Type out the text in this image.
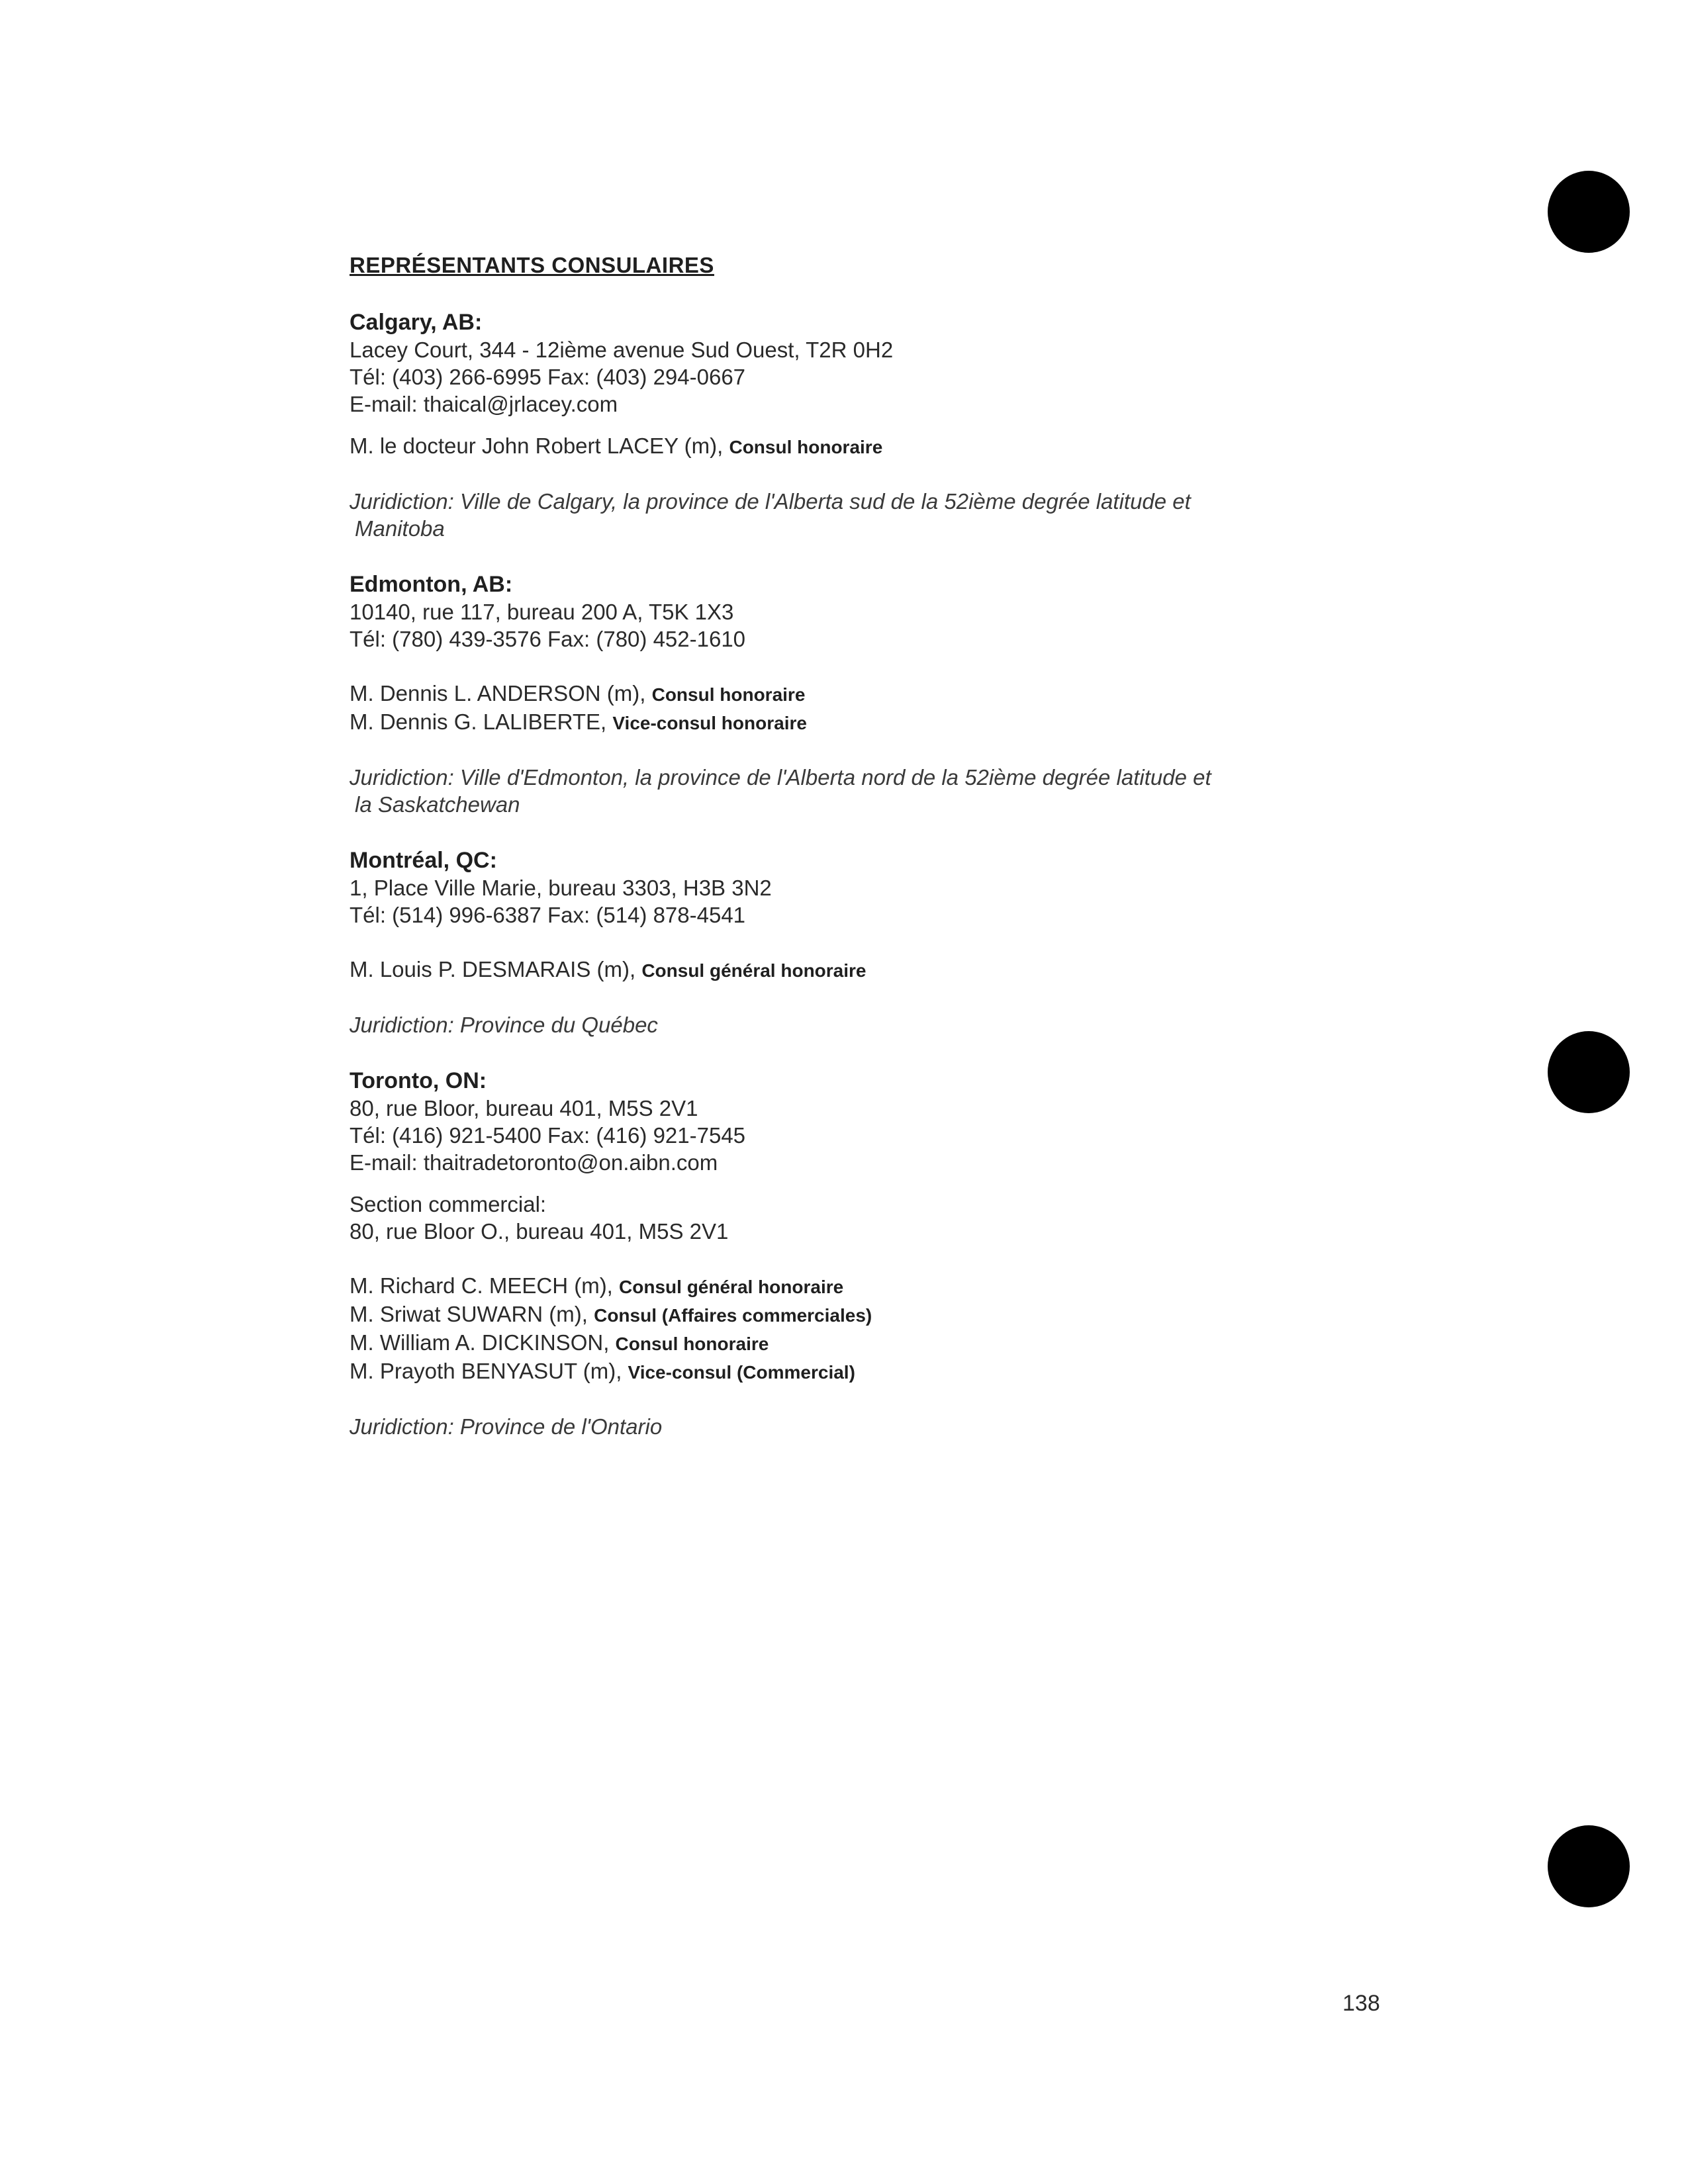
REPRÉSENTANTS CONSULAIRES
Calgary, AB:
Lacey Court, 344 - 12ième avenue Sud Ouest, T2R 0H2
Tél: (403) 266-6995 Fax: (403) 294-0667
E-mail: thaical@jrlacey.com
M. le docteur John Robert LACEY (m), Consul honoraire
Juridiction: Ville de Calgary, la province de l'Alberta sud de la 52ième degrée latitude et
Manitoba
Edmonton, AB:
10140, rue 117, bureau 200 A, T5K 1X3
Tél: (780) 439-3576 Fax: (780) 452-1610
M. Dennis L. ANDERSON (m), Consul honoraire
M. Dennis G. LALIBERTE, Vice-consul honoraire
Juridiction: Ville d'Edmonton, la province de l'Alberta nord de la 52ième degrée latitude et
la Saskatchewan
Montréal, QC:
1, Place Ville Marie, bureau 3303, H3B 3N2
Tél: (514) 996-6387 Fax: (514) 878-4541
M. Louis P. DESMARAIS (m), Consul général honoraire
Juridiction: Province du Québec
Toronto, ON:
80, rue Bloor, bureau 401, M5S 2V1
Tél: (416) 921-5400 Fax: (416) 921-7545
E-mail: thaitradetoronto@on.aibn.com
Section commercial:
80, rue Bloor O., bureau 401, M5S 2V1
M. Richard C. MEECH (m), Consul général honoraire
M. Sriwat SUWARN (m), Consul (Affaires commerciales)
M. William A. DICKINSON, Consul honoraire
M. Prayoth BENYASUT (m), Vice-consul (Commercial)
Juridiction: Province de l'Ontario
138
